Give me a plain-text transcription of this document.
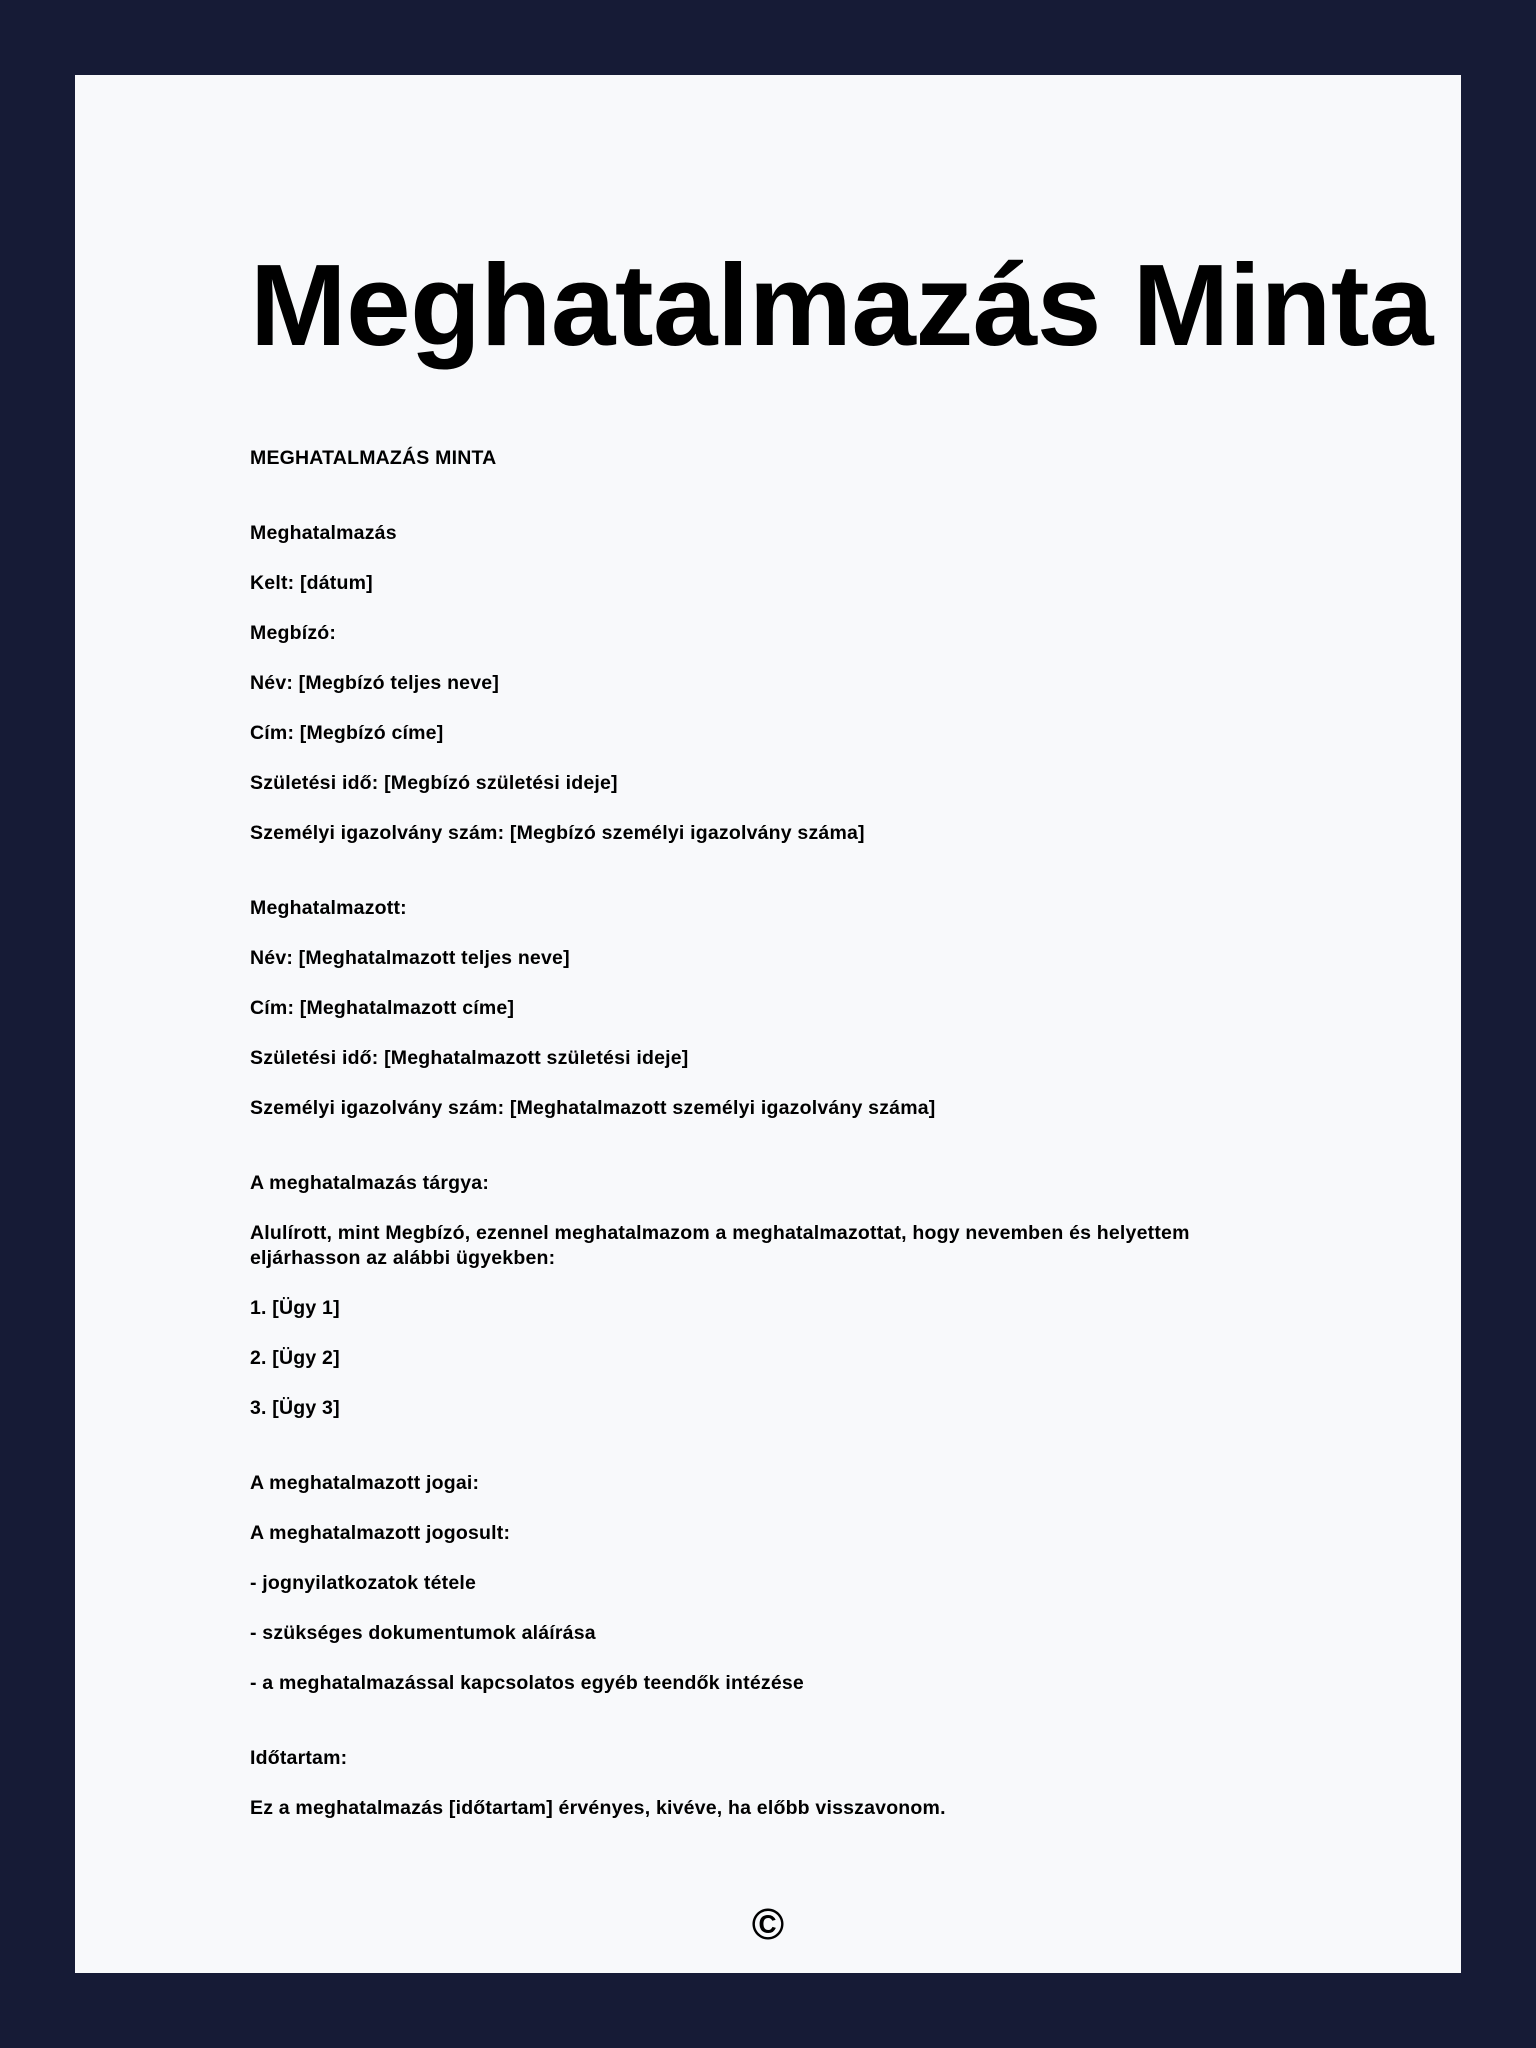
Meghatalmazás Minta

MEGHATALMAZÁS MINTA

Meghatalmazás

Kelt: [dátum]

Megbízó:

Név: [Megbízó teljes neve]

Cím: [Megbízó címe]

Születési idő: [Megbízó születési ideje]

Személyi igazolvány szám: [Megbízó személyi igazolvány száma]

Meghatalmazott:

Név: [Meghatalmazott teljes neve]

Cím: [Meghatalmazott címe]

Születési idő: [Meghatalmazott születési ideje]

Személyi igazolvány szám: [Meghatalmazott személyi igazolvány száma]

A meghatalmazás tárgya:

Alulírott, mint Megbízó, ezennel meghatalmazom a meghatalmazottat, hogy nevemben és helyettem eljárhasson az alábbi ügyekben:

1. [Ügy 1]

2. [Ügy 2]

3. [Ügy 3]

A meghatalmazott jogai:

A meghatalmazott jogosult:

- jognyilatkozatok tétele

- szükséges dokumentumok aláírása

- a meghatalmazással kapcsolatos egyéb teendők intézése

Időtartam:

Ez a meghatalmazás [időtartam] érvényes, kivéve, ha előbb visszavonom.

©
